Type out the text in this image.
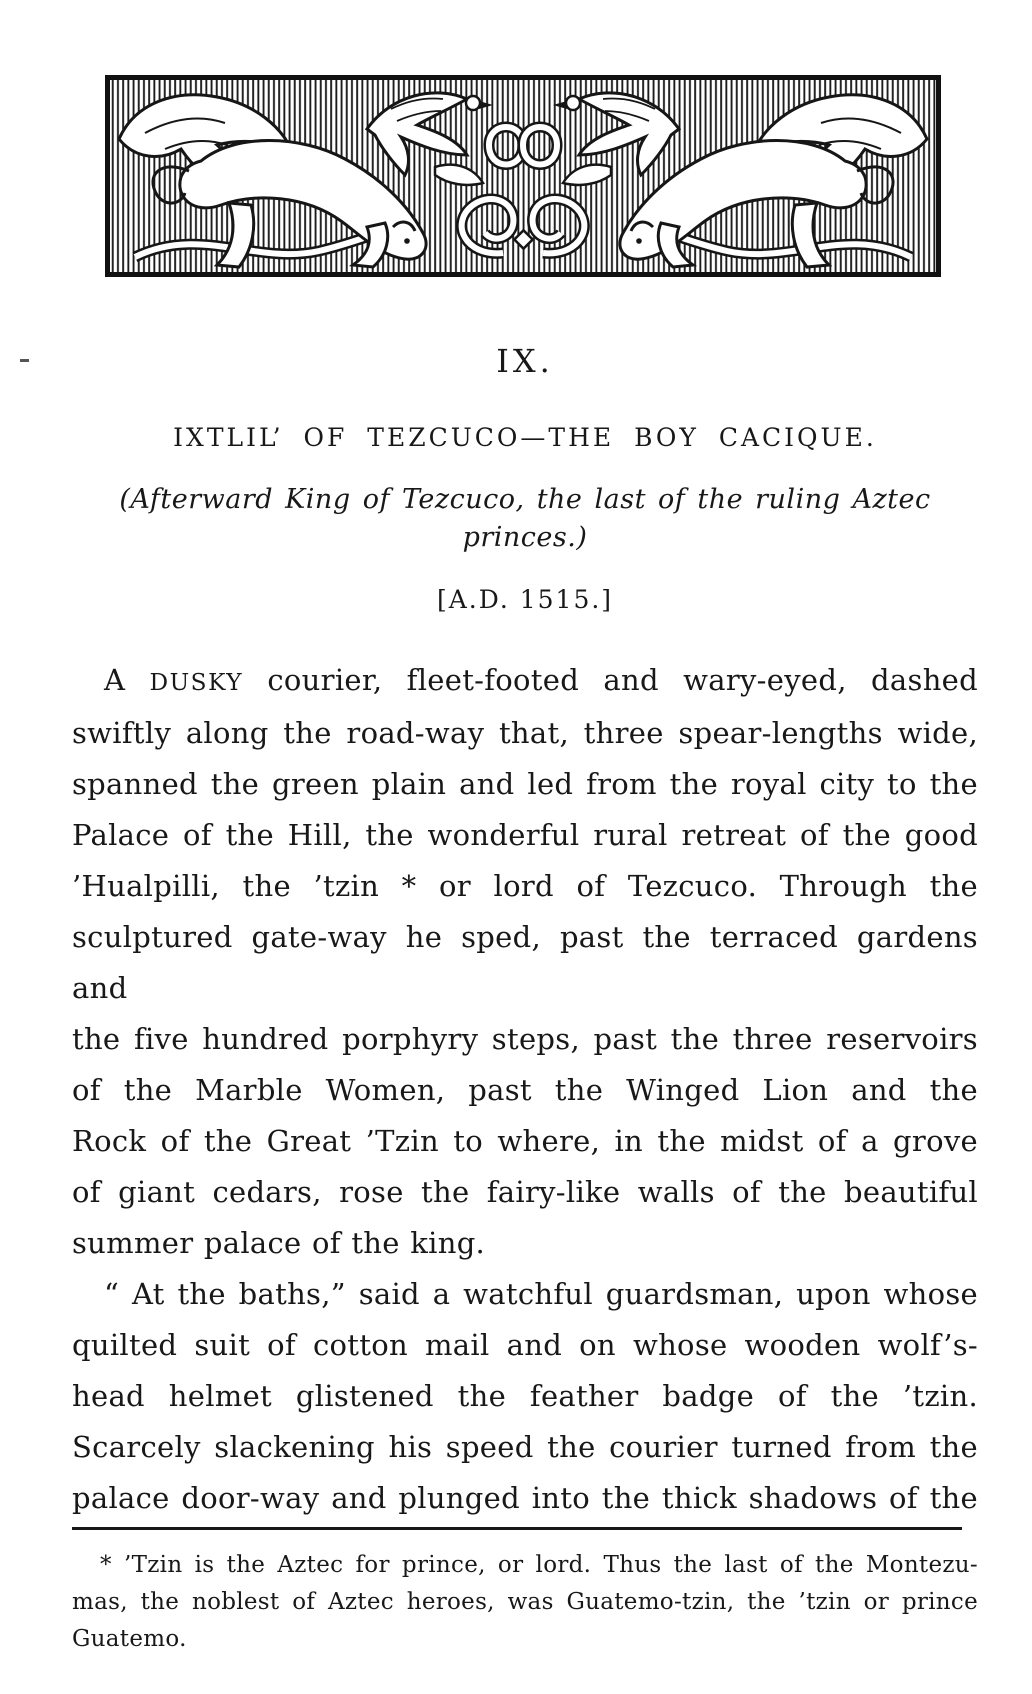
IX.
IXTLIL’ OF TEZCUCO—THE BOY CACIQUE.
(Afterward King of Tezcuco, the last of the ruling Aztec princes.)
[A.D. 1515.]
A DUSKY courier, fleet-footed and wary-eyed, dashed
swiftly along the road-way that, three spear-lengths wide,
spanned the green plain and led from the royal city to the
Palace of the Hill, the wonderful rural retreat of the good
’Hualpilli, the ’tzin * or lord of Tezcuco. Through the
sculptured gate-way he sped, past the terraced gardens and
the five hundred porphyry steps, past the three reservoirs
of the Marble Women, past the Winged Lion and the
Rock of the Great ’Tzin to where, in the midst of a grove
of giant cedars, rose the fairy-like walls of the beautiful
summer palace of the king.
“ At the baths,” said a watchful guardsman, upon whose
quilted suit of cotton mail and on whose wooden wolf’s-
head helmet glistened the feather badge of the ’tzin.
Scarcely slackening his speed the courier turned from the
palace door-way and plunged into the thick shadows of the
* ’Tzin is the Aztec for prince, or lord. Thus the last of the Montezu-
mas, the noblest of Aztec heroes, was Guatemo-tzin, the ’tzin or prince
Guatemo.
